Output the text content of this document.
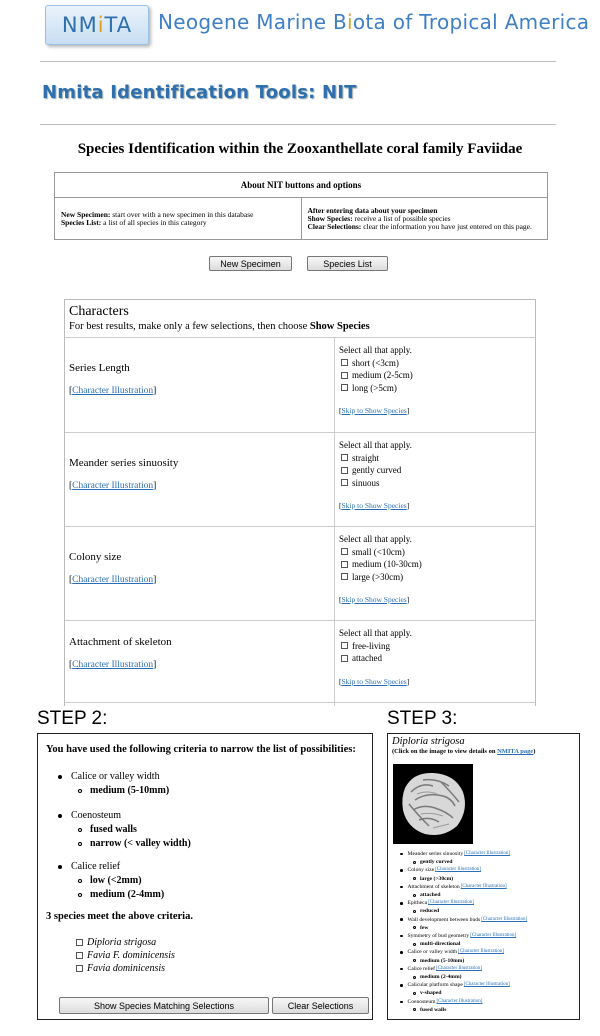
NM i TA Neogene Marine Biota of Tropical America
Nmita Identification Tools: NIT
Species Identification within the Zooxanthellate coral family Faviidae
About NIT buttons and options
New Specimen: start over with a new specimen in this database
Species List: a list of all species in this category
After entering data about your specimen
Show Species: receive a list of possible species
Clear Selections: clear the information you have just entered on this page.
New Specimen	Species List
Characters
For best results, make only a few selections, then choose Show Species
Series Length
[Character Illustration]
Select all that apply.
short (<3cm)
medium (2-5cm)
long (>5cm)
[Skip to Show Species]
Meander series sinuosity
[Character Illustration]
Select all that apply.
straight
gently curved
sinuous
[Skip to Show Species]
Colony size
[Character Illustration]
Select all that apply.
small (<10cm)
medium (10-30cm)
large (>30cm)
[Skip to Show Species]
Attachment of skeleton
[Character Illustration]
Select all that apply.
free-living
attached
[Skip to Show Species]
STEP 2:	STEP 3:
You have used the following criteria to narrow the list of possibilities:
Calice or valley width
medium (5-10mm)
Coenosteum
fused walls
narrow (< valley width)
Calice relief
low (<2mm)
medium (2-4mm)
3 species meet the above criteria.
Diploria strigosa
Favia F. dominicensis
Favia dominicensis
Show Species Matching Selections	Clear Selections
Diploria strigosa
(Click on the image to view details on NMITA page)
Meander series sinuosity [Character Illustration]
gently curved
Colony size [Character Illustration]
large (>30cm)
Attachment of skeleton [Character Illustration]
attached
Epitheca [Character Illustration]
reduced
Wall development between buds [Character Illustration]
few
Symmetry of bud geometry [Character Illustration]
multi-directional
Calice or valley width [Character Illustration]
medium (5-10mm)
Calice relief [Character Illustration]
medium (2-4mm)
Calicular platform shape [Character Illustration]
v-shaped
Coenosteum [Character Illustration]
fused walls
